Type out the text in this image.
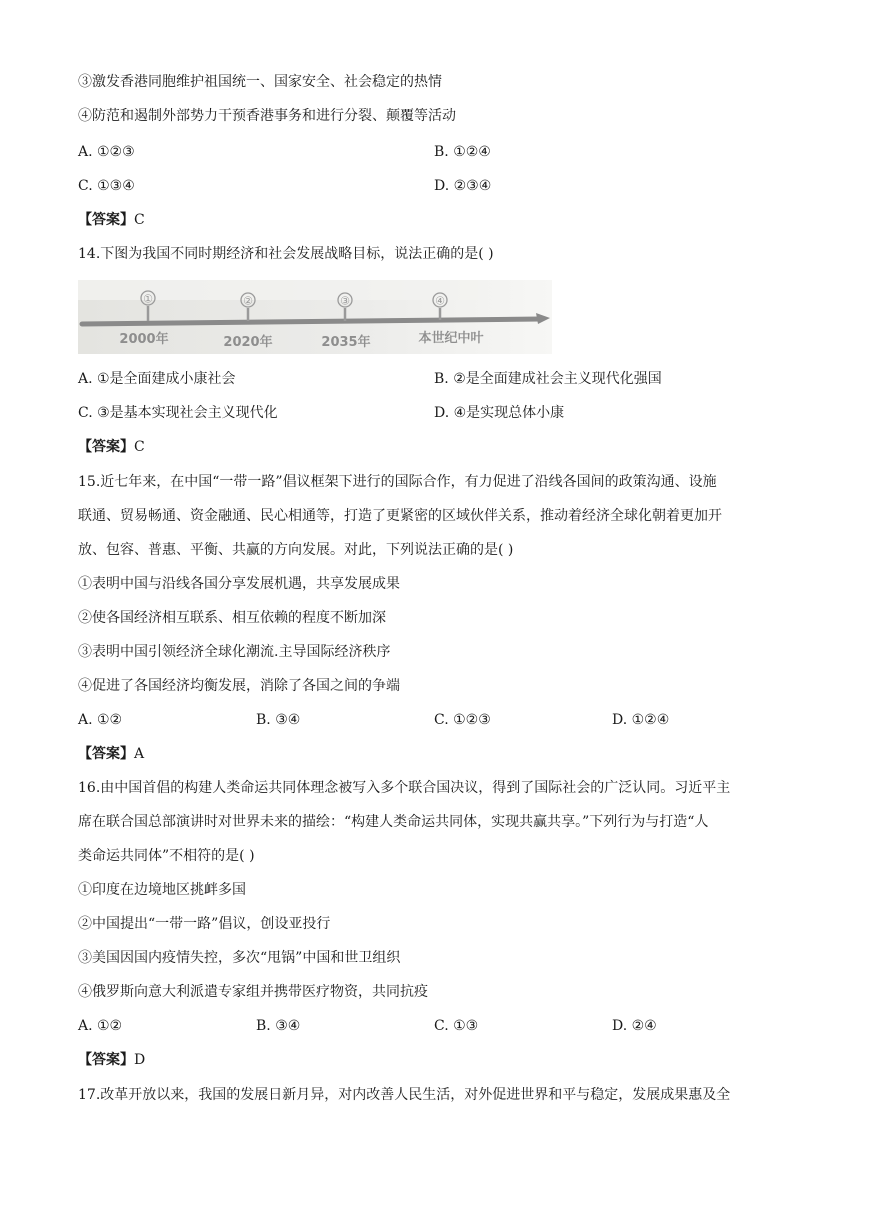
③激发香港同胞维护祖国统一、国家安全、社会稳定的热情
④防范和遏制外部势力干预香港事务和进行分裂、颠覆等活动
A. ①②③	B. ①②④
C. ①③④	D. ②③④
【答案】C
14.下图为我国不同时期经济和社会发展战略目标，说法正确的是( )
①	②	③	④
2000年	2020年	2035年	本世纪中叶
A. ①是全面建成小康社会	B. ②是全面建成社会主义现代化强国
C. ③是基本实现社会主义现代化	D. ④是实现总体小康
【答案】C
15.近七年来，在中国“一带一路”倡议框架下进行的国际合作，有力促进了沿线各国间的政策沟通、设施
联通、贸易畅通、资金融通、民心相通等，打造了更紧密的区域伙伴关系，推动着经济全球化朝着更加开
放、包容、普惠、平衡、共赢的方向发展。对此，下列说法正确的是( )
①表明中国与沿线各国分享发展机遇，共享发展成果
②使各国经济相互联系、相互依赖的程度不断加深
③表明中国引领经济全球化潮流.主导国际经济秩序
④促进了各国经济均衡发展，消除了各国之间的争端
A. ①②	B. ③④	C. ①②③	D. ①②④
【答案】A
16.由中国首倡的构建人类命运共同体理念被写入多个联合国决议，得到了国际社会的广泛认同。习近平主
席在联合国总部演讲时对世界未来的描绘：“构建人类命运共同体，实现共赢共享。”下列行为与打造“人
类命运共同体”不相符的是( )
①印度在边境地区挑衅多国
②中国提出“一带一路”倡议，创设亚投行
③美国因国内疫情失控，多次“甩锅”中国和世卫组织
④俄罗斯向意大利派遣专家组并携带医疗物资，共同抗疫
A. ①②	B. ③④	C. ①③	D. ②④
【答案】D
17.改革开放以来，我国的发展日新月异，对内改善人民生活，对外促进世界和平与稳定，发展成果惠及全
